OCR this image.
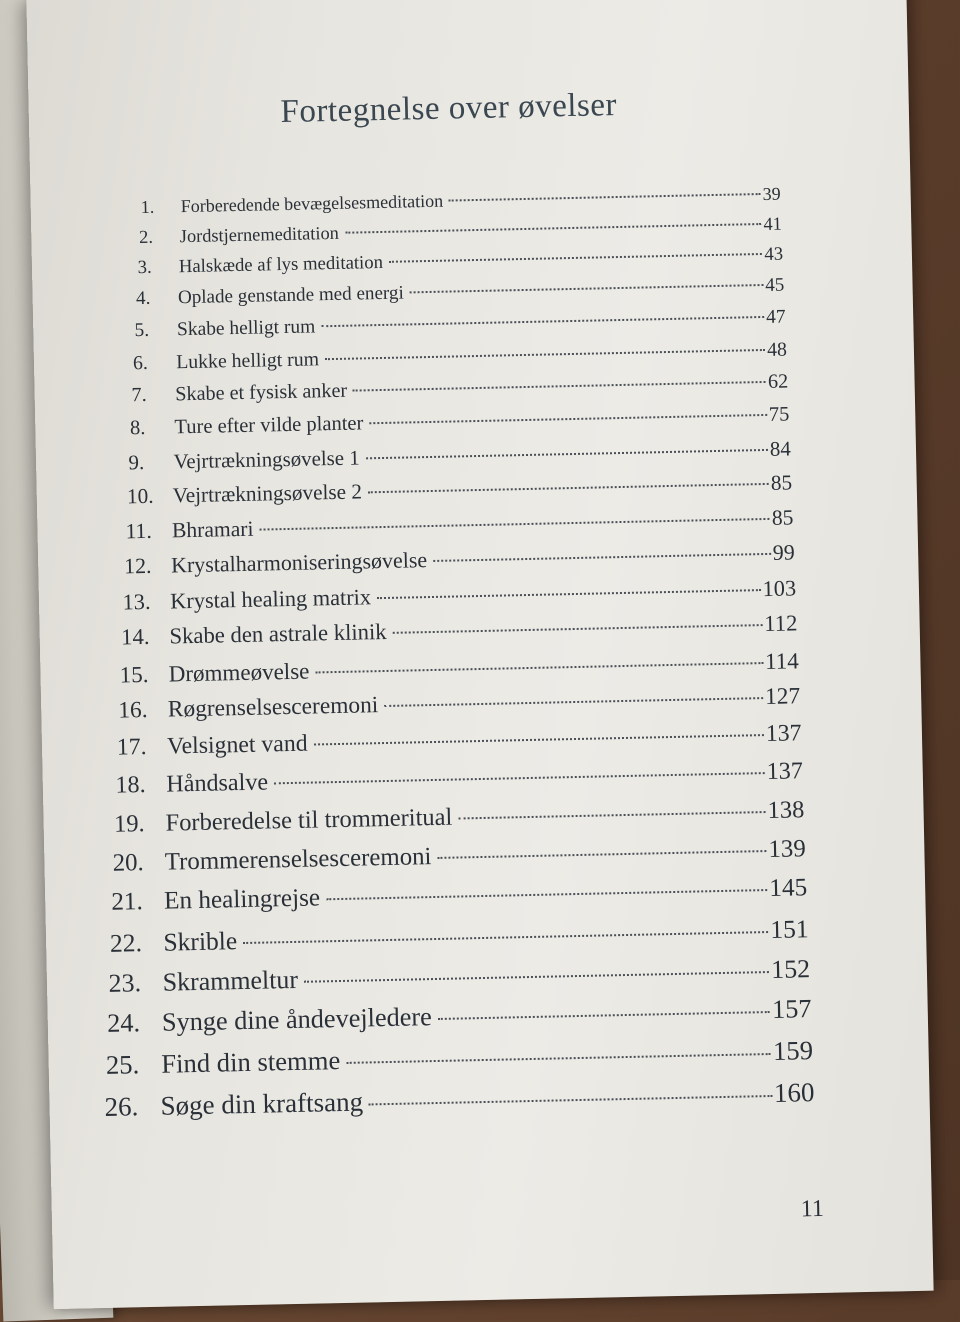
Fortegnelse over øvelser
1.	Forberedende bevægelsesmeditation	39
2.	Jordstjernemeditation	41
3.	Halskæde af lys meditation	43
4.	Oplade genstande med energi	45
5.	Skabe helligt rum	47
6.	Lukke helligt rum	48
7.	Skabe et fysisk anker	62
8.	Ture efter vilde planter	75
9.	Vejrtrækningsøvelse 1	84
10. Vejrtrækningsøvelse 2	85
11. Bhramari	85
12. Krystalharmoniseringsøvelse	99
13. Krystal healing matrix	103
14. Skabe den astrale klinik	112
15. Drømmeøvelse	114
16. Røgrenselsesceremoni	127
17. Velsignet vand	137
18. Håndsalve	137
19. Forberedelse til trommeritual	138
20. Trommerenselsesceremoni	139
21. En healingrejse	145
22. Skrible	151
23. Skrammeltur	152
24. Synge dine åndevejledere	157
25. Find din stemme	159
26. Søge din kraftsang	160
11
